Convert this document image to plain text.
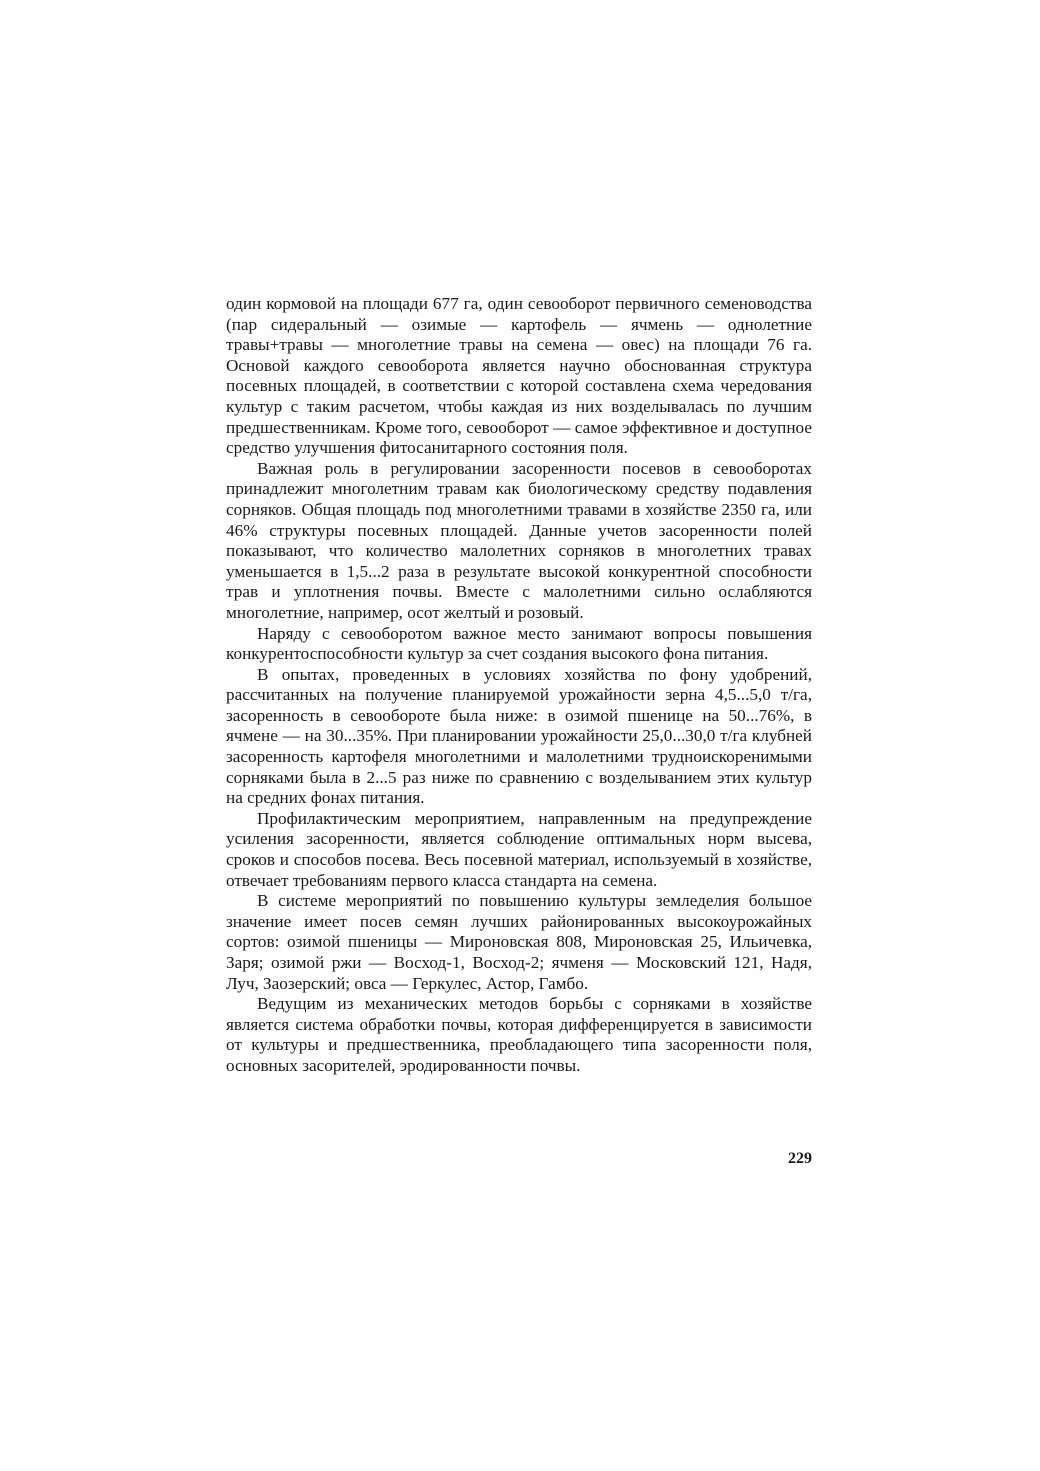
один кормовой на площади 677 га, один севооборот первичного семеноводства (пар сидеральный — озимые — картофель — ячмень — однолетние травы+травы — многолетние травы на семена — овес) на площади 76 га. Основой каждого севооборота является научно обоснованная структура посевных площадей, в соответствии с которой составлена схема чередования культур с таким расчетом, чтобы каждая из них возделывалась по лучшим предшественникам. Кроме того, севооборот — самое эффективное и доступное средство улучшения фитосанитарного состояния поля.

Важная роль в регулировании засоренности посевов в севооборотах принадлежит многолетним травам как биологическому средству подавления сорняков. Общая площадь под многолетними травами в хозяйстве 2350 га, или 46% структуры посевных площадей. Данные учетов засоренности полей показывают, что количество малолетних сорняков в многолетних травах уменьшается в 1,5...2 раза в результате высокой конкурентной способности трав и уплотнения почвы. Вместе с малолетними сильно ослабляются многолетние, например, осот желтый и розовый.

Наряду с севооборотом важное место занимают вопросы повышения конкурентоспособности культур за счет создания высокого фона питания.

В опытах, проведенных в условиях хозяйства по фону удобрений, рассчитанных на получение планируемой урожайности зерна 4,5...5,0 т/га, засоренность в севообороте была ниже: в озимой пшенице на 50...76%, в ячмене — на 30...35%. При планировании урожайности 25,0...30,0 т/га клубней засоренность картофеля многолетними и малолетними трудноискоренимыми сорняками была в 2...5 раз ниже по сравнению с возделыванием этих культур на средних фонах питания.

Профилактическим мероприятием, направленным на предупреждение усиления засоренности, является соблюдение оптимальных норм высева, сроков и способов посева. Весь посевной материал, используемый в хозяйстве, отвечает требованиям первого класса стандарта на семена.

В системе мероприятий по повышению культуры земледелия большое значение имеет посев семян лучших районированных высокоурожайных сортов: озимой пшеницы — Мироновская 808, Мироновская 25, Ильичевка, Заря; озимой ржи — Восход-1, Восход-2; ячменя — Московский 121, Надя, Луч, Заозерский; овса — Геркулес, Астор, Гамбо.

Ведущим из механических методов борьбы с сорняками в хозяйстве является система обработки почвы, которая дифференцируется в зависимости от культуры и предшественника, преобладающего типа засоренности поля, основных засорителей, эродированности почвы.

229
